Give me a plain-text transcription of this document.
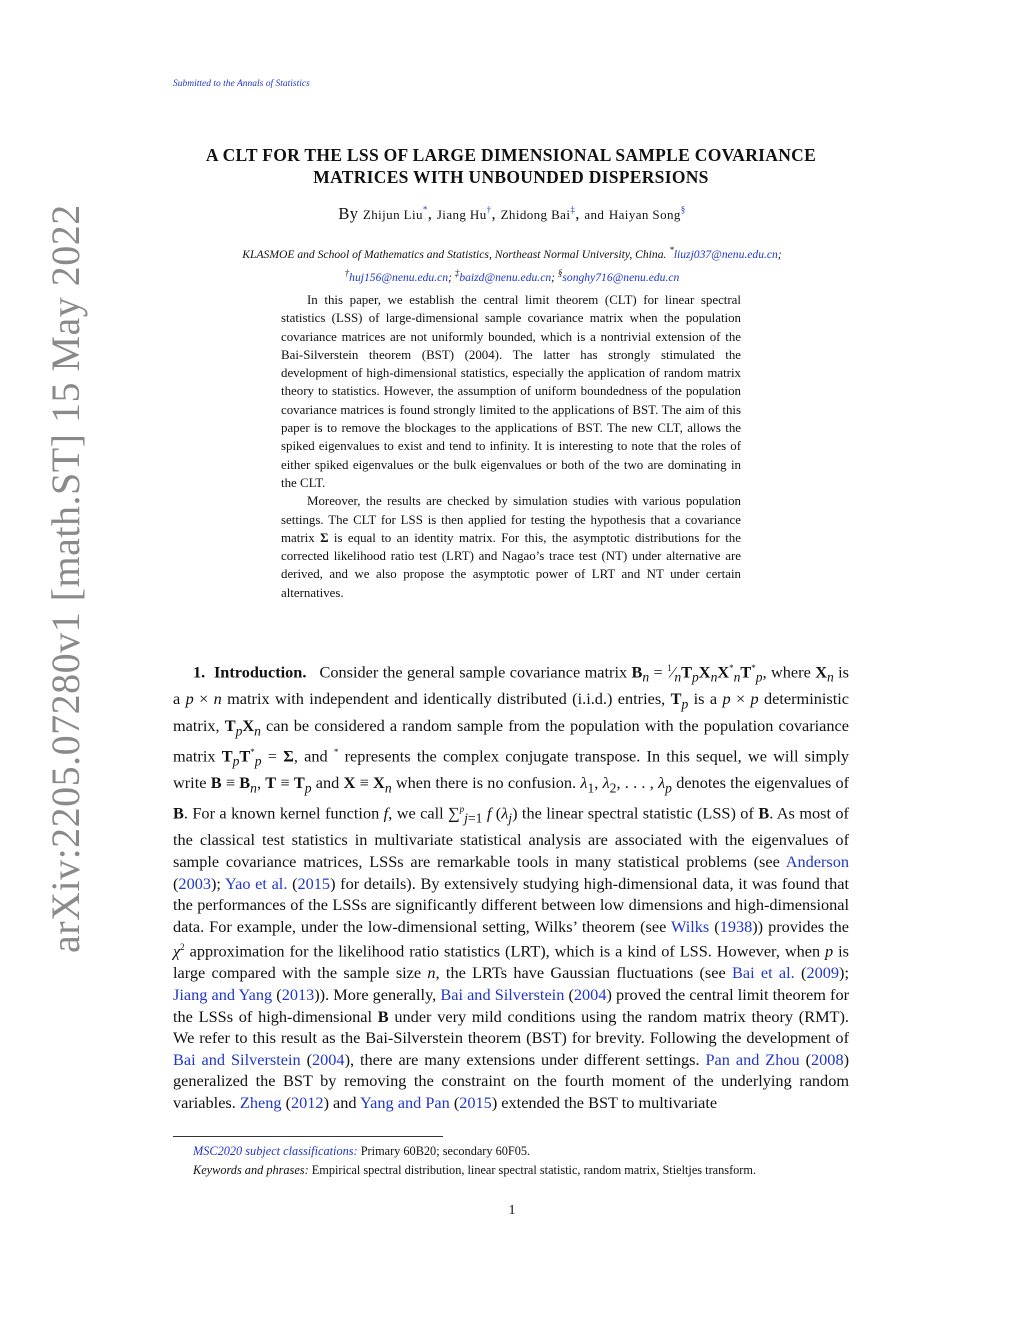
arXiv:2205.07280v1 [math.ST] 15 May 2022
Submitted to the Annals of Statistics
A CLT FOR THE LSS OF LARGE DIMENSIONAL SAMPLE COVARIANCE MATRICES WITH UNBOUNDED DISPERSIONS
By Zhijun Liu*, Jiang Hu†, Zhidong Bai‡, and Haiyan Song§
KLASMOE and School of Mathematics and Statistics, Northeast Normal University, China. *liuzj037@nenu.edu.cn;
†huj156@nenu.edu.cn; ‡baizd@nenu.edu.cn; §songhy716@nenu.edu.cn

In this paper, we establish the central limit theorem (CLT) for linear spectral statistics (LSS) of large-dimensional sample covariance matrix when the population covariance matrices are not uniformly bounded, which is a nontrivial extension of the Bai-Silverstein theorem (BST) (2004). The latter has strongly stimulated the development of high-dimensional statistics, especially the application of random matrix theory to statistics. However, the assumption of uniform boundedness of the population covariance matrices is found strongly limited to the applications of BST. The aim of this paper is to remove the blockages to the applications of BST. The new CLT, allows the spiked eigenvalues to exist and tend to infinity. It is interesting to note that the roles of either spiked eigenvalues or the bulk eigenvalues or both of the two are dominating in the CLT.

Moreover, the results are checked by simulation studies with various population settings. The CLT for LSS is then applied for testing the hypothesis that a covariance matrix Σ is equal to an identity matrix. For this, the asymptotic distributions for the corrected likelihood ratio test (LRT) and Nagao’s trace test (NT) under alternative are derived, and we also propose the asymptotic power of LRT and NT under certain alternatives.

1. Introduction.   Consider the general sample covariance matrix $B_n$ = $^1⁄_nT_pX_nX^*_nT^*_p$, where $X_n$ is a p × n matrix with independent and identically distributed (i.i.d.) entries, $T_p$ is a p × p deterministic matrix, $T_pX_n$ can be considered a random sample from the population with the population covariance matrix $T_pT^*_p = \Sigma$, and * represents the complex conjugate transpose. In this sequel, we will simply write $B \equiv B_n$, $T \equiv T_p$ and $X \equiv X_n$ when there is no confusion. $\lambda_1$, $\lambda_2$, . . . , $\lambda_p$ denotes the eigenvalues of B. For a known kernel function f, we call ∑$^p_{j=1}$ f $(\lambda_j)$ the linear spectral statistic (LSS) of B. As most of the classical test statistics in multivariate statistical analysis are associated with the eigenvalues of sample covariance matrices, LSSs are remarkable tools in many statistical problems (see Anderson (2003); Yao et al. (2015) for details). By extensively studying high-dimensional data, it was found that the performances of the LSSs are significantly different between low dimensions and high-dimensional data. For example, under the low-dimensional setting, Wilks’ theorem (see Wilks (1938)) provides the $\chi^2$ approximation for the likelihood ratio statistics (LRT), which is a kind of LSS. However, when p is large compared with the sample size n, the LRTs have Gaussian fluctuations (see Bai et al. (2009); Jiang and Yang (2013)). More generally, Bai and Silverstein (2004) proved the central limit theorem for the LSSs of high-dimensional B under very mild conditions using the random matrix theory (RMT). We refer to this result as the Bai-Silverstein theorem (BST) for brevity. Following the development of Bai and Silverstein (2004), there are many extensions under different settings. Pan and Zhou (2008) generalized the BST by removing the constraint on the fourth moment of the underlying random variables. Zheng (2012) and Yang and Pan (2015) extended the BST to multivariate

MSC2020 subject classifications: Primary 60B20; secondary 60F05.

Keywords and phrases: Empirical spectral distribution, linear spectral statistic, random matrix, Stieltjes transform.

1
